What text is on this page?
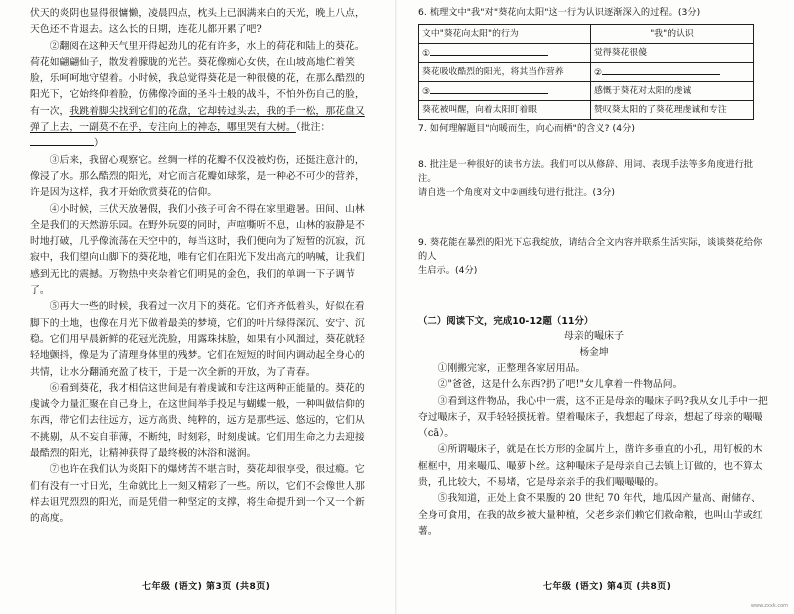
伏天的炎阴也显得很慵懒，凌晨四点，枕头上已洇满来白的天光，晚上八点，天色还不肯退去。这么长的日期，连花儿都开累了吧?

②翻阅在这种天气里开得起劲儿的花有许多，水上的荷花和陆上的葵花。荷花如翩翩仙子，散发着朦胧的光芒。葵花像痴心女侠，在山坡高地伫着笑脸，乐呵呵地守望着。小时候，我总觉得葵花是一种很傻的花，在那么酷烈的阳光下，它始终仰着脸，仿佛像冷面的圣斗士般的战斗，不怕外伤自己的脸，有一次，我跳着脚尖找到它们的花盘，它却转过头去，我的手一松，那花盘又弹了上去，一副莫不在乎，专注向上的神态，哪里哭有大树。（批注：）

③后来，我留心观察它。丝绸一样的花瓣不仅没被灼伤，还挺注意汁的，像浸了水。那么酷烈的阳光，对它而言花瓣如球浆，是一种必不可少的营养，许是因为这样，我才开始欣赏葵花的信仰。

④小时候，三伏天放暑假，我们小孩子可舍不得在家里避暑。田间、山林全是我们的天然游乐园。在野外玩耍的同时，声喧嘶听不息，山林的寂静是不时地打破，几乎像流荡在天空中的，每当这时，我们便向为了短暂的沉寂，沉寂中，我们望向山脚下的葵花地，唯有它们在阳光下发出高亢的呐喊，让我们感到无比的震撼。万物热中夹杂着它们明晃的金色，我们的单调一下子调节了。

⑤再大一些的时候，我看过一次月下的葵花。它们齐齐低着头，好似在看脚下的土地，也像在月光下做着最美的梦境，它们的叶片绿得深沉、安宁、沉稳。它们用早晨新鲜的花冠光洗脸，用露珠抹脸，如果有小风溜过，葵花就轻轻地颤抖，像是为了清理身体里的残梦。它们在短短的时间内调动起全身心的共情，让水分翻涌充盈了枝干，于是一次全新的开放，为了青春。

⑥看到葵花，我才相信这世间是有着虔诚和专注这两种正能量的。葵花的虔诚令力量汇聚在自己身上，在这世间举手投足与蝴蝶一般，一种叫做信仰的东西，带它们去往远方，远方高贵、纯粹的，远方是那些远、悠远的，它们从不挑剔，从不妄自菲薄，不断纯，时刻彩，时刻虔诚。它们用生命之力去迎接最酷烈的阳光，让精神获得了最终极的沐浴和滋润。

⑦也许在我们认为炎阳下的爆烤苦不堪言时，葵花却很享受，很过瘾。它们有没有一寸日光，生命就比上一刻又精彩了一些。所以，它们不会像世人那样去诅咒烈烈的阳光，而是凭借一种坚定的支撑，将生命提升到一个又一个新的高度。

七年级 (语文) 第3页 (共8页)

6. 梳理文中"我"对"葵花向太阳"这一行为认识逐渐深入的过程。(3分)

文中"葵花向太阳"的行为	"我"的认识
①	觉得葵花很傻
葵花吸收酷烈的阳光，将其当作营养	②
③	感慨于葵花对太阳的虔诚
葵花被叫醒，向着太阳盯着眼	赞叹葵太阳的了葵花理虔诚和专注

7. 如何理解题目"向暖而生，向心而栖"的含义? (4分)

8. 批注是一种很好的读书方法。我们可以从修辞、用词、表现手法等多角度进行批注。

请自选一个角度对文中②画线句进行批注。(3分)

9. 葵花能在暴烈的阳光下忘我绽放，请结合全文内容并联系生活实际，谈谈葵花给你的人

生启示。(4分)

（二）阅读下文，完成10-12题（11分）

母亲的嘬床子

杨金坤

①刚搬完家，正整理各家居用品。

②"爸爸，这是什么东西?扔了吧!"女儿拿着一件物品问。

③看到这件物品，我心中一震，这不正是母亲的嘬床子吗?我从女儿手中一把夺过嘬床子，双手轻轻摸抚着。望着嘬床子，我想起了母亲，想起了母亲的嘬嘬（cā）。

④所谓嘬床子，就是在长方形的金属片上，凿许多垂直的小孔，用钉板的木框框中，用来嘬瓜、嘬萝卜丝。这种嘬床子是母亲自己去镇上订做的，也不算太贵，孔比较大，不易堵，它是母亲亲手的我们嘬嘬嘬的。

⑤我知道，正处上食不果腹的 20 世纪 70 年代，地瓜因产量高、耐储存、全身可食用，在我的故乡被大量种植，父老乡亲们赖它们救命粮，也叫山芋或红薯。

七年级 (语文) 第4页 (共8页)
www.zxxk.com
